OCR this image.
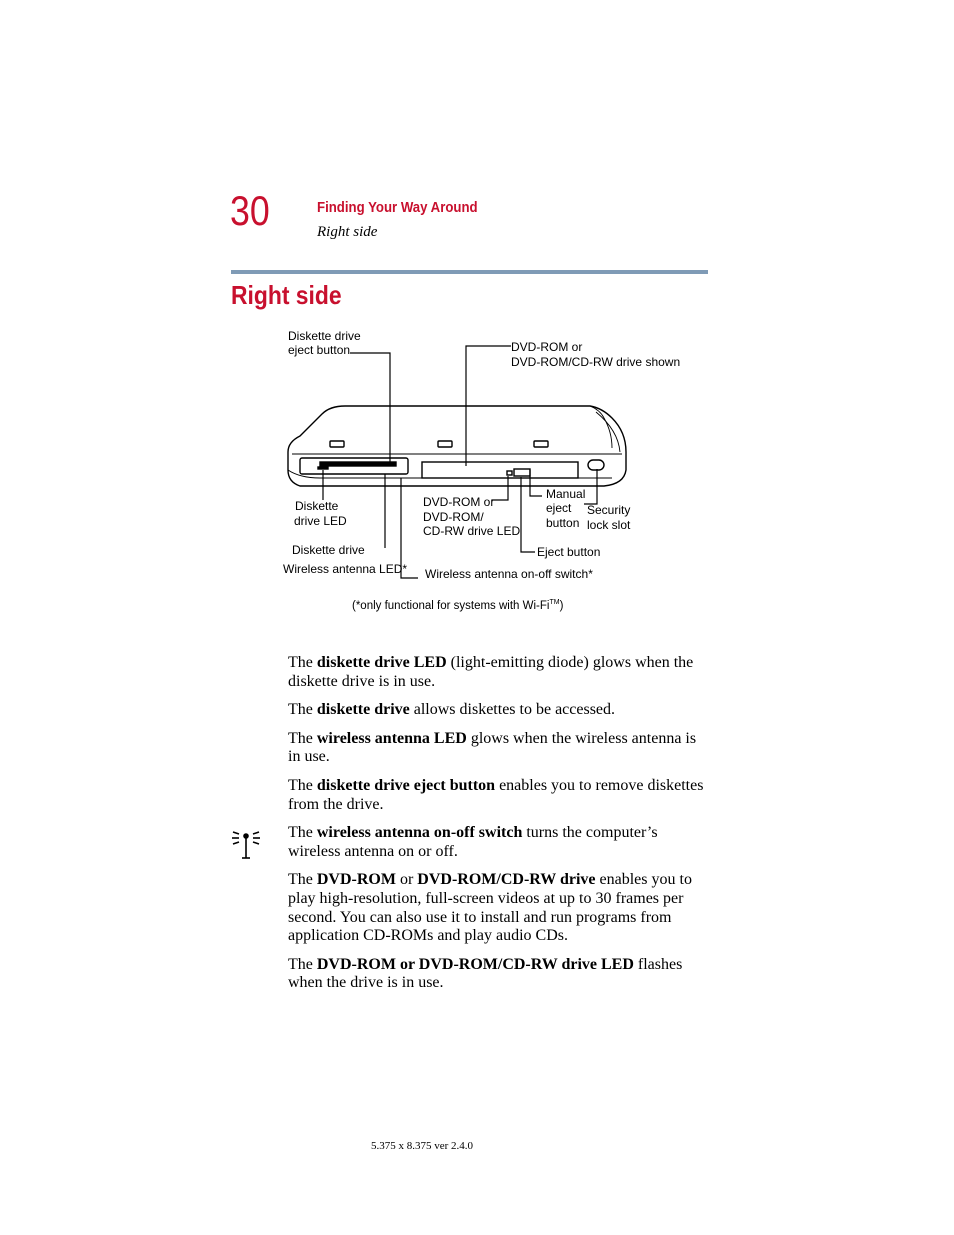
30	Finding Your Way Around
Right side
Right side
Diskette drive
eject button	DVD-ROM or
DVD-ROM/CD-RW drive shown
Diskette
drive LED
Diskette drive
Wireless antenna LED*
DVD-ROM or
DVD-ROM/
CD-RW drive LED
Manual
eject
button
Security
lock slot
Eject button
Wireless antenna on-off switch*
(*only functional for systems with Wi-Fi™)

The diskette drive LED (light-emitting diode) glows when the diskette drive is in use.

The diskette drive allows diskettes to be accessed.

The wireless antenna LED glows when the wireless antenna is in use.

The diskette drive eject button enables you to remove diskettes from the drive.

The wireless antenna on-off switch turns the computer’s wireless antenna on or off.

The DVD-ROM or DVD-ROM/CD-RW drive enables you to play high-resolution, full-screen videos at up to 30 frames per second. You can also use it to install and run programs from application CD-ROMs and play audio CDs.

The DVD-ROM or DVD-ROM/CD-RW drive LED flashes when the drive is in use.

5.375 x 8.375 ver 2.4.0
